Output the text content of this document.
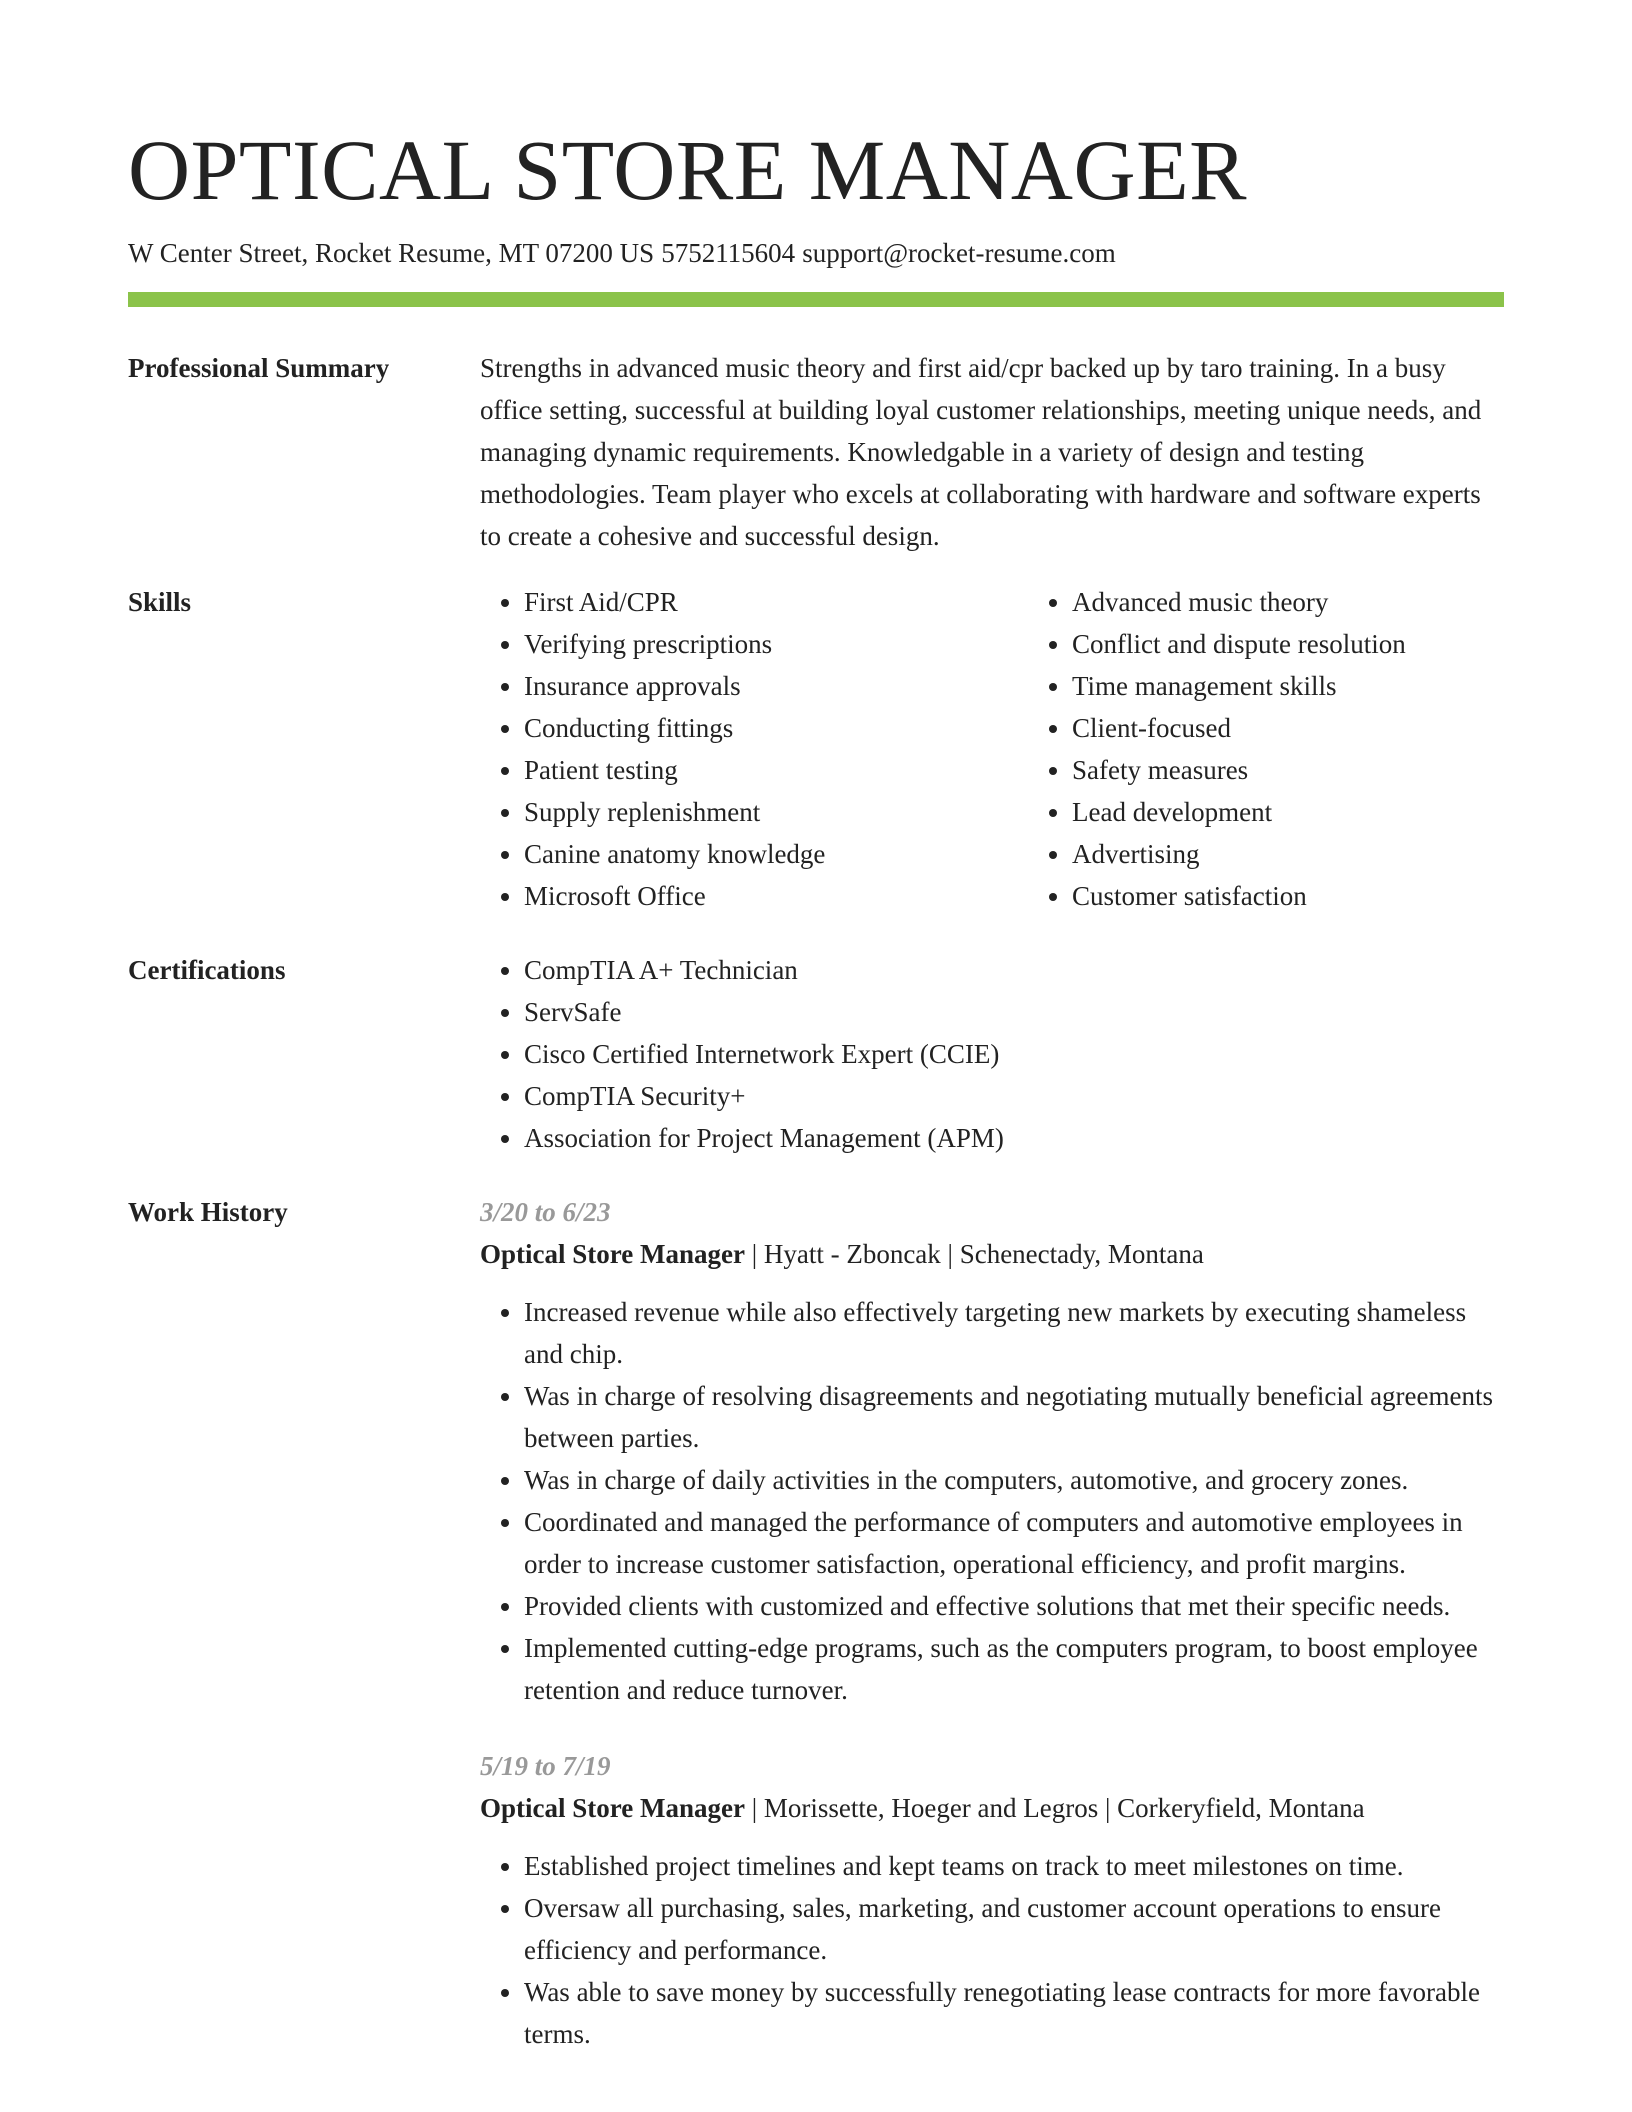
OPTICAL STORE MANAGER
W Center Street, Rocket Resume, MT 07200 US 5752115604 support@rocket-resume.com
Professional Summary	Strengths in advanced music theory and first aid/cpr backed up by taro training. In a busy office setting, successful at building loyal customer relationships, meeting unique needs, and managing dynamic requirements. Knowledgable in a variety of design and testing methodologies. Team player who excels at collaborating with hardware and software experts to create a cohesive and successful design.

Skills	• First Aid/CPR
• Verifying prescriptions
• Insurance approvals
• Conducting fittings
• Patient testing
• Supply replenishment
• Canine anatomy knowledge
• Microsoft Office
• Advanced music theory
• Conflict and dispute resolution
• Time management skills
• Client-focused
• Safety measures
• Lead development
• Advertising
• Customer satisfaction
Certifications	• CompTIA A+ Technician
• ServSafe
• Cisco Certified Internetwork Expert (CCIE)
• CompTIA Security+
• Association for Project Management (APM)
Work History	3/20 to 6/23
Optical Store Manager | Hyatt - Zboncak | Schenectady, Montana
• Increased revenue while also effectively targeting new markets by executing shameless and chip.
• Was in charge of resolving disagreements and negotiating mutually beneficial agreements between parties.
• Was in charge of daily activities in the computers, automotive, and grocery zones.
• Coordinated and managed the performance of computers and automotive employees in order to increase customer satisfaction, operational efficiency, and profit margins.
• Provided clients with customized and effective solutions that met their specific needs.
• Implemented cutting-edge programs, such as the computers program, to boost employee retention and reduce turnover.
5/19 to 7/19
Optical Store Manager | Morissette, Hoeger and Legros | Corkeryfield, Montana
• Established project timelines and kept teams on track to meet milestones on time.
• Oversaw all purchasing, sales, marketing, and customer account operations to ensure efficiency and performance.
• Was able to save money by successfully renegotiating lease contracts for more favorable terms.
